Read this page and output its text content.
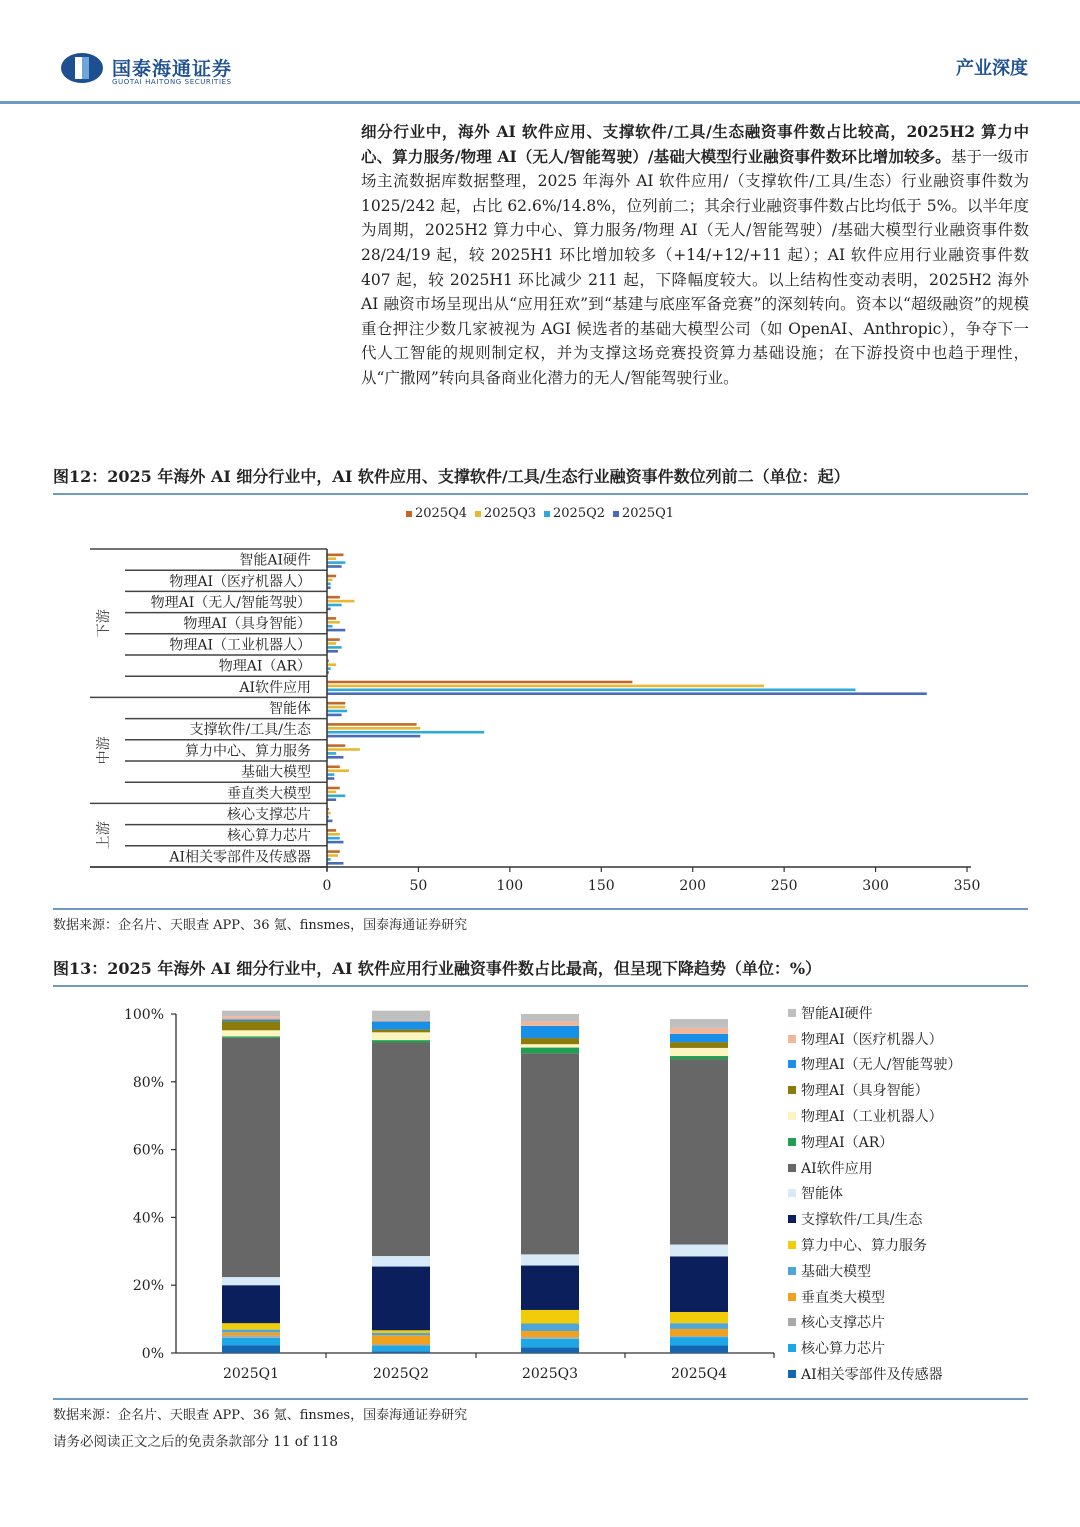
国泰海通证券
GUOTAI HAITONG SECURITIES
产业深度
细分行业中，海外 AI 软件应用、支撑软件/工具/生态融资事件数占比较高，2025H2 算力中心、算力服务/物理 AI（无人/智能驾驶）/基础大模型行业融资事件数环比增加较多。基于一级市场主流数据库数据整理，2025 年海外 AI 软件应用/（支撑软件/工具/生态）行业融资事件数为 1025/242 起，占比 62.6%/14.8%，位列前二；其余行业融资事件数占比均低于 5%。以半年度为周期，2025H2 算力中心、算力服务/物理 AI（无人/智能驾驶）/基础大模型行业融资事件数 28/24/19 起，较 2025H1 环比增加较多（+14/+12/+11 起）；AI 软件应用行业融资事件数 407 起，较 2025H1 环比减少 211 起，下降幅度较大。以上结构性变动表明，2025H2 海外 AI 融资市场呈现出从“应用狂欢”到“基建与底座军备竞赛”的深刻转向。资本以“超级融资”的规模重仓押注少数几家被视为 AGI 候选者的基础大模型公司（如 OpenAI、Anthropic），争夺下一代人工智能的规则制定权，并为支撑这场竞赛投资算力基础设施；在下游投资中也趋于理性，从“广撒网”转向具备商业化潜力的无人/智能驾驶行业。
图12：2025 年海外 AI 细分行业中，AI 软件应用、支撑软件/工具/生态行业融资事件数位列前二（单位：起）
2025Q4 2025Q3 2025Q2 2025Q1
下游
中游
上游
智能AI硬件
物理AI（医疗机器人）
物理AI（无人/智能驾驶）
物理AI（具身智能）
物理AI（工业机器人）
物理AI（AR）
AI软件应用
智能体
支撑软件/工具/生态
算力中心、算力服务
基础大模型
垂直类大模型
核心支撑芯片
核心算力芯片
AI相关零部件及传感器
0	50	100	150	200	250	300	350
数据来源：企名片、天眼查 APP、36 氪、finsmes，国泰海通证券研究
图13：2025 年海外 AI 细分行业中，AI 软件应用行业融资事件数占比最高，但呈现下降趋势（单位：%）
0%
20%
40%
60%
80%
100%
2025Q1	2025Q2	2025Q3	2025Q4
智能AI硬件
物理AI（医疗机器人）
物理AI（无人/智能驾驶）
物理AI（具身智能）
物理AI（工业机器人）
物理AI（AR）
AI软件应用
智能体
支撑软件/工具/生态
算力中心、算力服务
基础大模型
垂直类大模型
核心支撑芯片
核心算力芯片
AI相关零部件及传感器
数据来源：企名片、天眼查 APP、36 氪、finsmes，国泰海通证券研究
请务必阅读正文之后的免责条款部分 11 of 118
